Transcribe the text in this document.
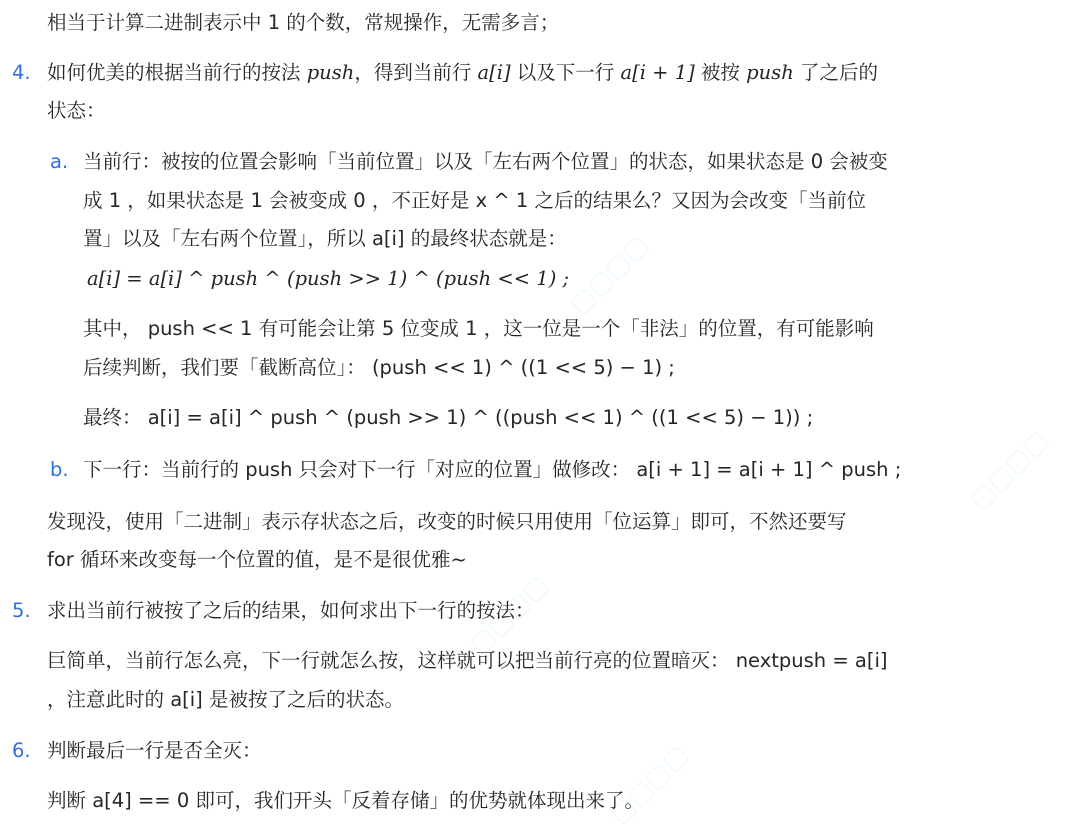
▢▢▢▢
▢▢▢▢
▢▢▢▢
▢▢▢▢
相当于计算二进制表示中 1 的个数，常规操作，无需多言；
4. 如何优美的根据当前行的按法 push，得到当前行 a[i] 以及下一行 a[i + 1] 被按 push 了之后的
状态：
a. 当前行：被按的位置会影响「当前位置」以及「左右两个位置」的状态，如果状态是 0 会被变
成 1 ，如果状态是 1 会被变成 0 ，不正好是 x ^ 1 之后的结果么？又因为会改变「当前位
置」以及「左右两个位置」，所以 a[i] 的最终状态就是：
a[i] = a[i] ^ push ^ (push >> 1) ^ (push << 1) ;
其中， push << 1 有可能会让第 5 位变成 1 ，这一位是一个「非法」的位置，有可能影响
后续判断，我们要「截断高位」： (push << 1) ^ ((1 << 5) − 1) ;
最终： a[i] = a[i] ^ push ^ (push >> 1) ^ ((push << 1) ^ ((1 << 5) − 1)) ;
b. 下一行：当前行的 push 只会对下一行「对应的位置」做修改： a[i + 1] = a[i + 1] ^ push ;
发现没，使用「二进制」表示存状态之后，改变的时候只用使用「位运算」即可，不然还要写
for 循环来改变每一个位置的值，是不是很优雅~
5. 求出当前行被按了之后的结果，如何求出下一行的按法：
巨简单，当前行怎么亮，下一行就怎么按，这样就可以把当前行亮的位置暗灭： nextpush = a[i]
，注意此时的 a[i] 是被按了之后的状态。
6. 判断最后一行是否全灭：
判断 a[4] == 0 即可，我们开头「反着存储」的优势就体现出来了。
